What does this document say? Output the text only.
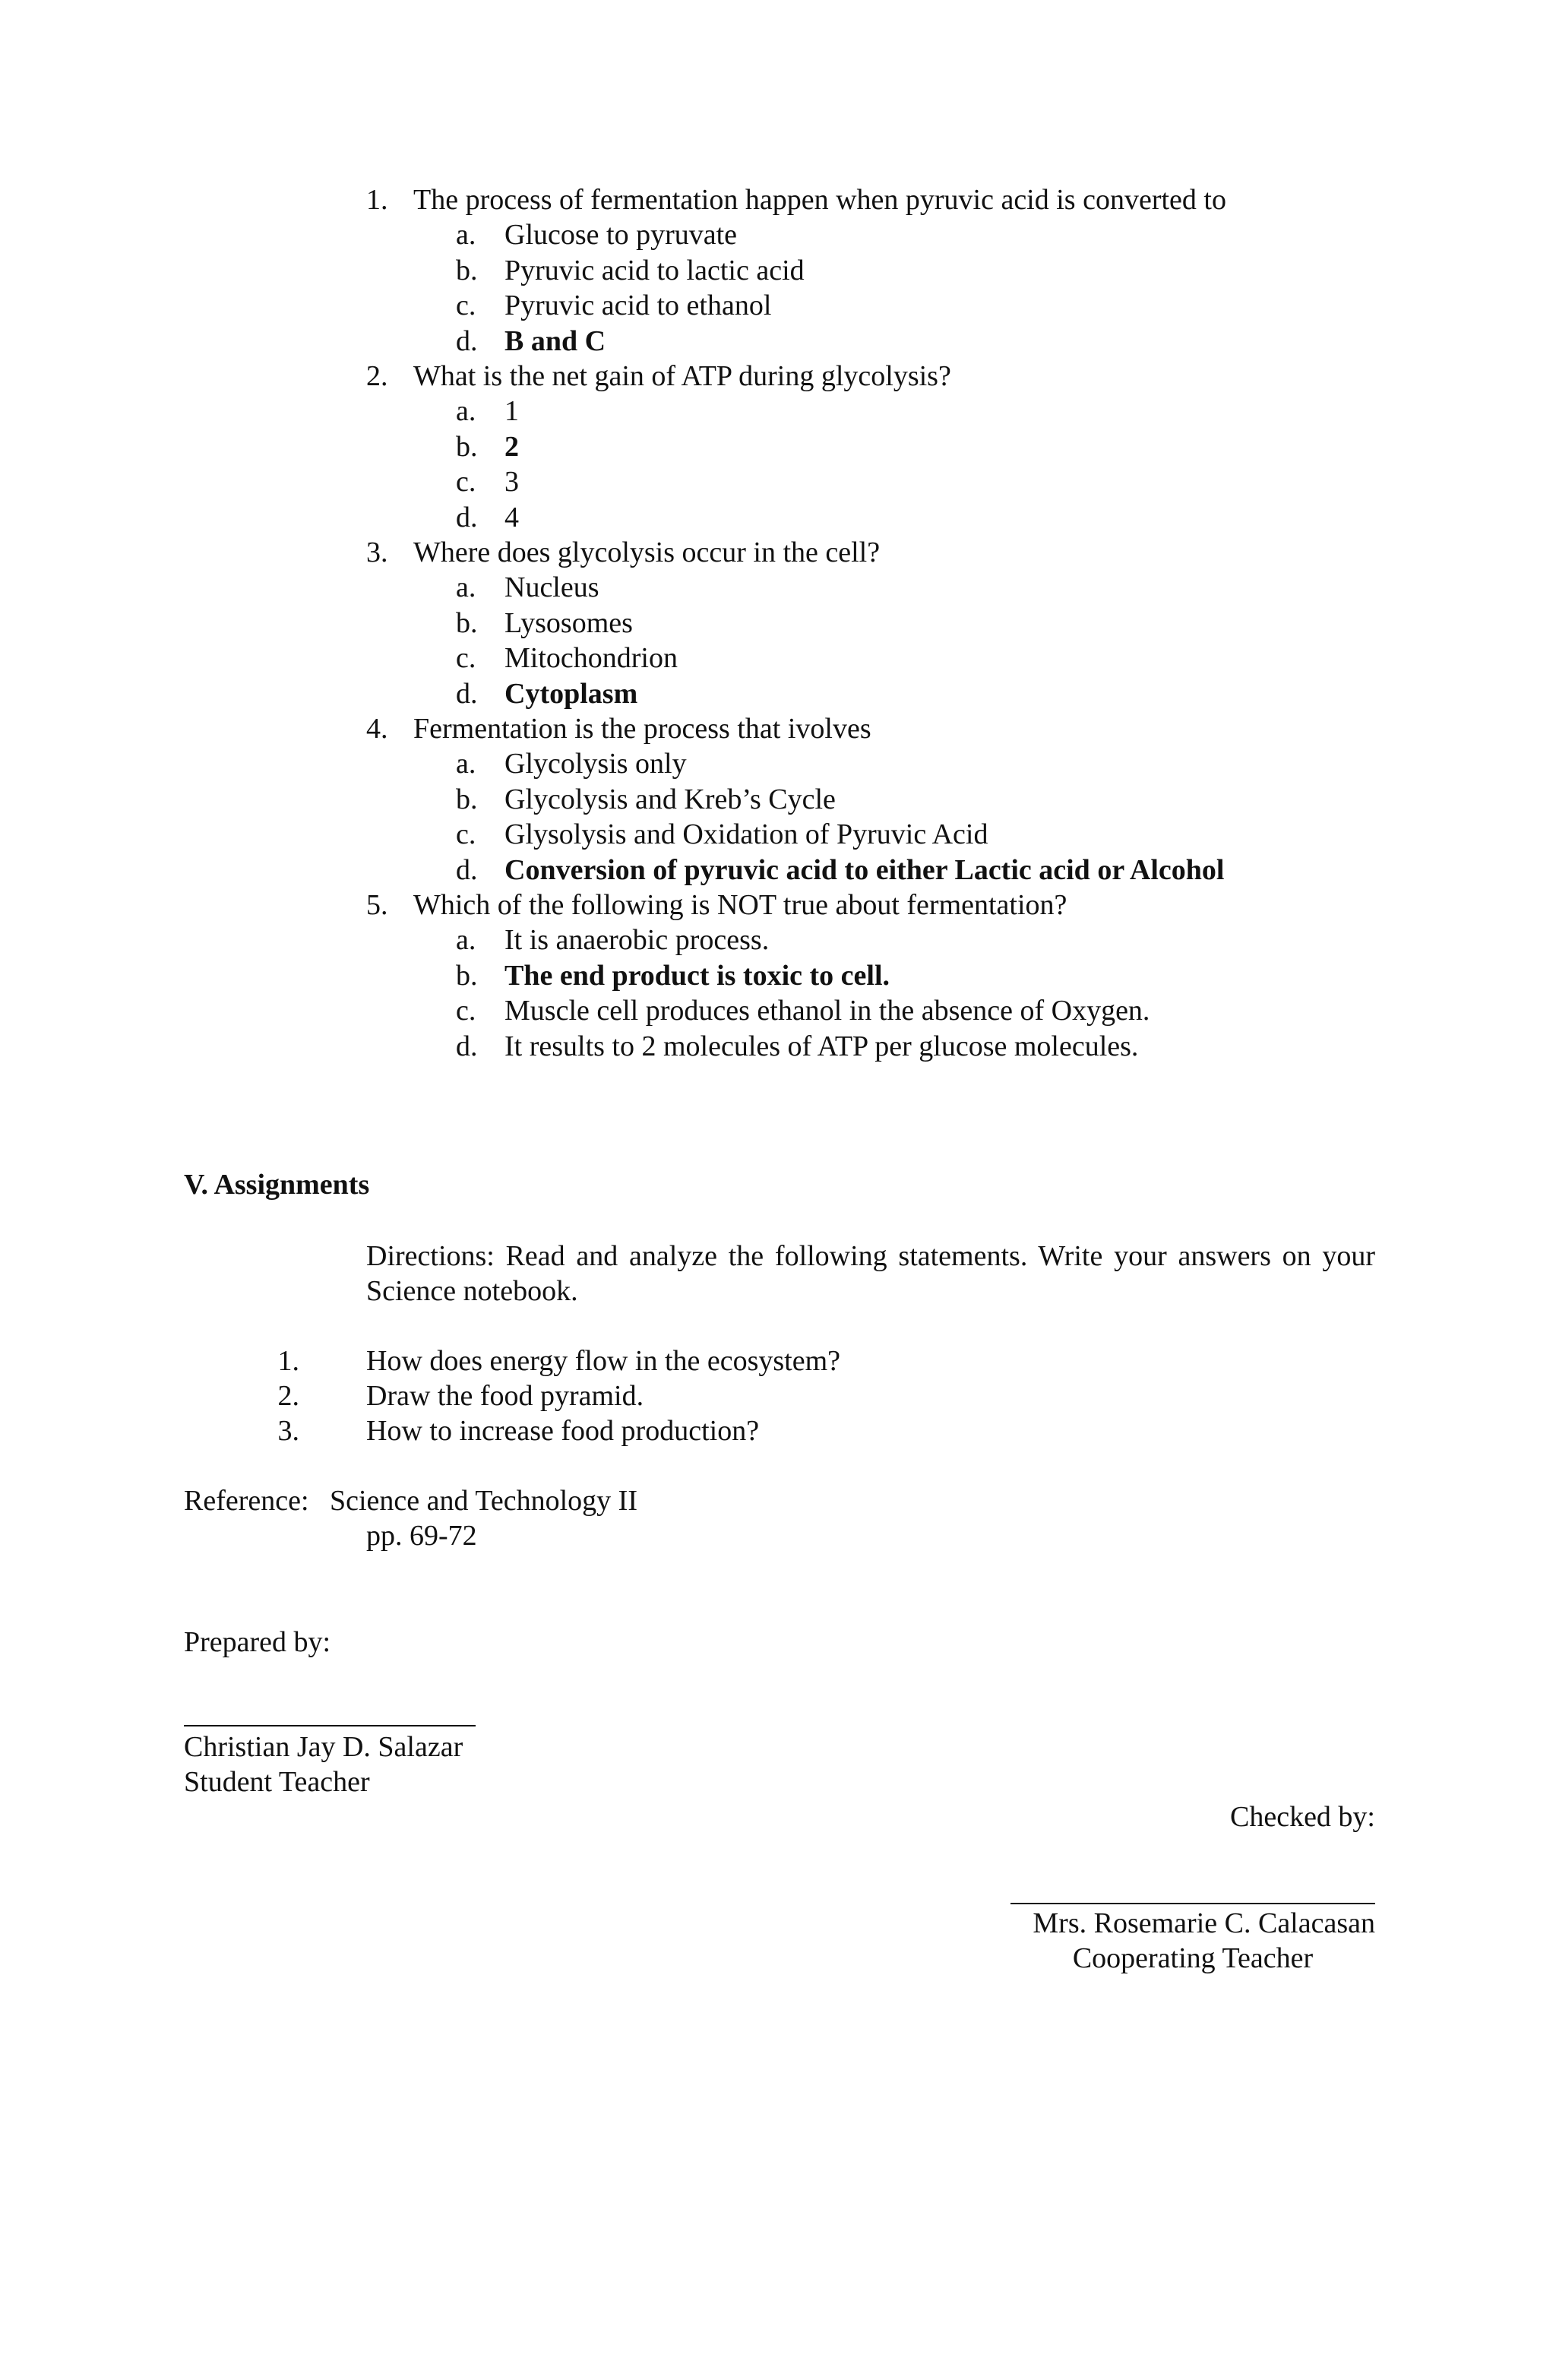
1. The process of fermentation happen when pyruvic acid is converted to
a. Glucose to pyruvate
b. Pyruvic acid to lactic acid
c. Pyruvic acid to ethanol
d. B and C
2. What is the net gain of ATP during glycolysis?
a. 1
b. 2
c. 3
d. 4
3. Where does glycolysis occur in the cell?
a. Nucleus
b. Lysosomes
c. Mitochondrion
d. Cytoplasm
4. Fermentation is the process that ivolves
a. Glycolysis only
b. Glycolysis and Kreb’s Cycle
c. Glysolysis and Oxidation of Pyruvic Acid
d. Conversion of pyruvic acid to either Lactic acid or Alcohol
5. Which of the following is NOT true about fermentation?
a. It is anaerobic process.
b. The end product is toxic to cell.
c. Muscle cell produces ethanol in the absence of Oxygen.
d. It results to 2 molecules of ATP per glucose molecules.
V. Assignments
Directions: Read and analyze the following statements. Write your answers on your Science notebook.
1. How does energy flow in the ecosystem?
2. Draw the food pyramid.
3. How to increase food production?
Reference: Science and Technology II
pp. 69-72
Prepared by:
Christian Jay D. Salazar
Student Teacher
Checked by:
Mrs. Rosemarie C. Calacasan
Cooperating Teacher
